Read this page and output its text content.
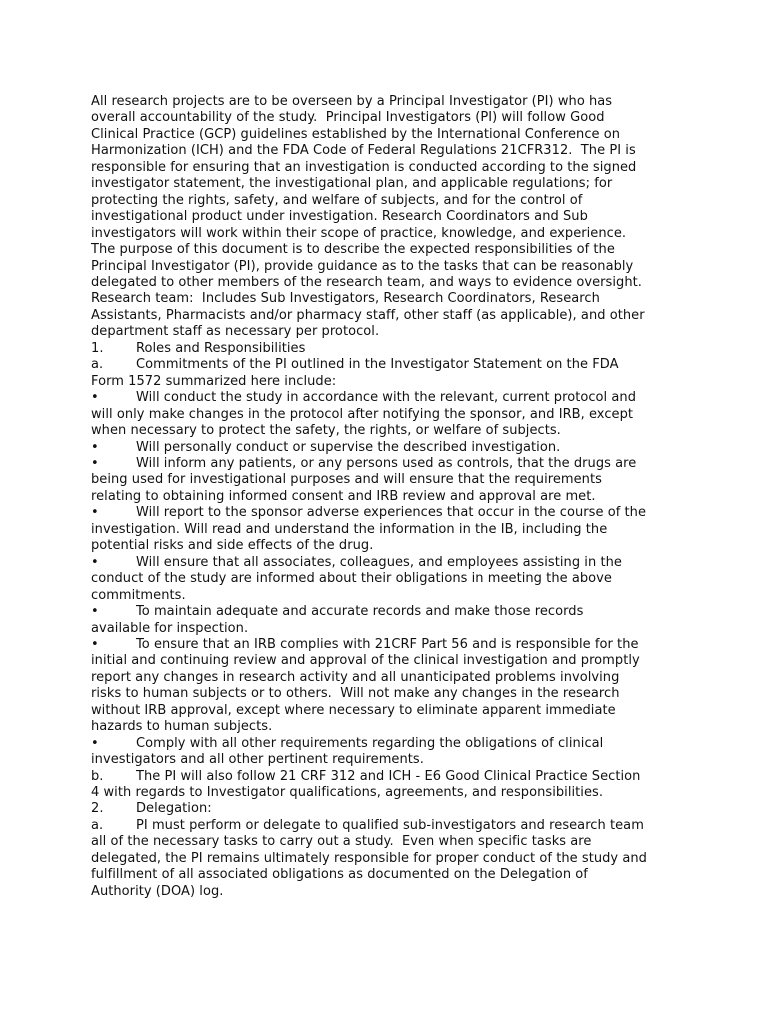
All research projects are to be overseen by a Principal Investigator (PI) who has
overall accountability of the study.  Principal Investigators (PI) will follow Good
Clinical Practice (GCP) guidelines established by the International Conference on
Harmonization (ICH) and the FDA Code of Federal Regulations 21CFR312.  The PI is
responsible for ensuring that an investigation is conducted according to the signed
investigator statement, the investigational plan, and applicable regulations; for
protecting the rights, safety, and welfare of subjects, and for the control of
investigational product under investigation. Research Coordinators and Sub
investigators will work within their scope of practice, knowledge, and experience.
The purpose of this document is to describe the expected responsibilities of the
Principal Investigator (PI), provide guidance as to the tasks that can be reasonably
delegated to other members of the research team, and ways to evidence oversight.
Research team:  Includes Sub Investigators, Research Coordinators, Research
Assistants, Pharmacists and/or pharmacy staff, other staff (as applicable), and other
department staff as necessary per protocol.
1. Roles and Responsibilities
a.	Commitments of the PI outlined in the Investigator Statement on the FDA
Form 1572 summarized here include:
•	Will conduct the study in accordance with the relevant, current protocol and
will only make changes in the protocol after notifying the sponsor, and IRB, except
when necessary to protect the safety, the rights, or welfare of subjects.
•	Will personally conduct or supervise the described investigation.
•	Will inform any patients, or any persons used as controls, that the drugs are
being used for investigational purposes and will ensure that the requirements
relating to obtaining informed consent and IRB review and approval are met.
•	Will report to the sponsor adverse experiences that occur in the course of the
investigation. Will read and understand the information in the IB, including the
potential risks and side effects of the drug.
•	Will ensure that all associates, colleagues, and employees assisting in the
conduct of the study are informed about their obligations in meeting the above
commitments.
•	To maintain adequate and accurate records and make those records
available for inspection.
•	To ensure that an IRB complies with 21CRF Part 56 and is responsible for the
initial and continuing review and approval of the clinical investigation and promptly
report any changes in research activity and all unanticipated problems involving
risks to human subjects or to others.  Will not make any changes in the research
without IRB approval, except where necessary to eliminate apparent immediate
hazards to human subjects.
•	Comply with all other requirements regarding the obligations of clinical
investigators and all other pertinent requirements.
b.	The PI will also follow 21 CRF 312 and ICH - E6 Good Clinical Practice Section
4 with regards to Investigator qualifications, agreements, and responsibilities.
2. Delegation:
a.	PI must perform or delegate to qualified sub-investigators and research team
all of the necessary tasks to carry out a study.  Even when specific tasks are
delegated, the PI remains ultimately responsible for proper conduct of the study and
fulfillment of all associated obligations as documented on the Delegation of
Authority (DOA) log.
